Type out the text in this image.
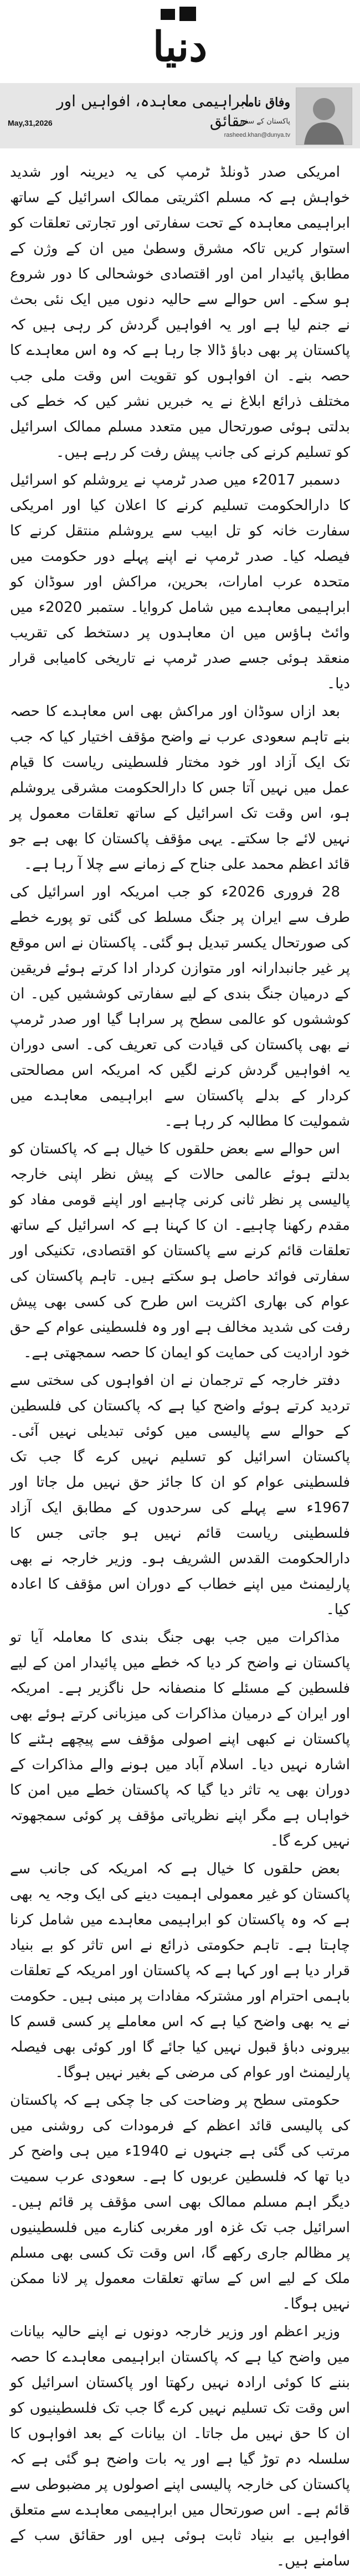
دنیا
ابراہیمی معاہدہ، افواہیں اور حقائق
May,31,2026
وفاق نامہ
پاکستان کے سفیر
rasheed.khan@dunya.tv

امریکی صدر ڈونلڈ ٹرمپ کی یہ دیرینہ اور شدید خواہش ہے کہ مسلم اکثریتی ممالک اسرائیل کے ساتھ ابراہیمی معاہدہ کے تحت سفارتی اور تجارتی تعلقات کو استوار کریں تاکہ مشرق وسطیٰ میں ان کے وژن کے مطابق پائیدار امن اور اقتصادی خوشحالی کا دور شروع ہو سکے۔ اس حوالے سے حالیہ دنوں میں ایک نئی بحث نے جنم لیا ہے اور یہ افواہیں گردش کر رہی ہیں کہ پاکستان پر بھی دباؤ ڈالا جا رہا ہے کہ وہ اس معاہدے کا حصہ بنے۔ ان افواہوں کو تقویت اس وقت ملی جب مختلف ذرائع ابلاغ نے یہ خبریں نشر کیں کہ خطے کی بدلتی ہوئی صورتحال میں متعدد مسلم ممالک اسرائیل کو تسلیم کرنے کی جانب پیش رفت کر رہے ہیں۔

دسمبر 2017ء میں صدر ٹرمپ نے یروشلم کو اسرائیل کا دارالحکومت تسلیم کرنے کا اعلان کیا اور امریکی سفارت خانہ کو تل ابیب سے یروشلم منتقل کرنے کا فیصلہ کیا۔ صدر ٹرمپ نے اپنے پہلے دور حکومت میں متحدہ عرب امارات، بحرین، مراکش اور سوڈان کو ابراہیمی معاہدے میں شامل کروایا۔ ستمبر 2020ء میں وائٹ ہاؤس میں ان معاہدوں پر دستخط کی تقریب منعقد ہوئی جسے صدر ٹرمپ نے تاریخی کامیابی قرار دیا۔

بعد ازاں سوڈان اور مراکش بھی اس معاہدے کا حصہ بنے تاہم سعودی عرب نے واضح مؤقف اختیار کیا کہ جب تک ایک آزاد اور خود مختار فلسطینی ریاست کا قیام عمل میں نہیں آتا جس کا دارالحکومت مشرقی یروشلم ہو، اس وقت تک اسرائیل کے ساتھ تعلقات معمول پر نہیں لائے جا سکتے۔ یہی مؤقف پاکستان کا بھی ہے جو قائد اعظم محمد علی جناح کے زمانے سے چلا آ رہا ہے۔

28 فروری 2026ء کو جب امریکہ اور اسرائیل کی طرف سے ایران پر جنگ مسلط کی گئی تو پورے خطے کی صورتحال یکسر تبدیل ہو گئی۔ پاکستان نے اس موقع پر غیر جانبدارانہ اور متوازن کردار ادا کرتے ہوئے فریقین کے درمیان جنگ بندی کے لیے سفارتی کوششیں کیں۔ ان کوششوں کو عالمی سطح پر سراہا گیا اور صدر ٹرمپ نے بھی پاکستان کی قیادت کی تعریف کی۔ اسی دوران یہ افواہیں گردش کرنے لگیں کہ امریکہ اس مصالحتی کردار کے بدلے پاکستان سے ابراہیمی معاہدے میں شمولیت کا مطالبہ کر رہا ہے۔

اس حوالے سے بعض حلقوں کا خیال ہے کہ پاکستان کو بدلتے ہوئے عالمی حالات کے پیش نظر اپنی خارجہ پالیسی پر نظر ثانی کرنی چاہیے اور اپنے قومی مفاد کو مقدم رکھنا چاہیے۔ ان کا کہنا ہے کہ اسرائیل کے ساتھ تعلقات قائم کرنے سے پاکستان کو اقتصادی، تکنیکی اور سفارتی فوائد حاصل ہو سکتے ہیں۔ تاہم پاکستان کی عوام کی بھاری اکثریت اس طرح کی کسی بھی پیش رفت کی شدید مخالف ہے اور وہ فلسطینی عوام کے حق خود ارادیت کی حمایت کو ایمان کا حصہ سمجھتی ہے۔

دفتر خارجہ کے ترجمان نے ان افواہوں کی سختی سے تردید کرتے ہوئے واضح کیا ہے کہ پاکستان کی فلسطین کے حوالے سے پالیسی میں کوئی تبدیلی نہیں آئی۔ پاکستان اسرائیل کو تسلیم نہیں کرے گا جب تک فلسطینی عوام کو ان کا جائز حق نہیں مل جاتا اور 1967ء سے پہلے کی سرحدوں کے مطابق ایک آزاد فلسطینی ریاست قائم نہیں ہو جاتی جس کا دارالحکومت القدس الشریف ہو۔ وزیر خارجہ نے بھی پارلیمنٹ میں اپنے خطاب کے دوران اس مؤقف کا اعادہ کیا۔

مذاکرات میں جب بھی جنگ بندی کا معاملہ آیا تو پاکستان نے واضح کر دیا کہ خطے میں پائیدار امن کے لیے فلسطین کے مسئلے کا منصفانہ حل ناگزیر ہے۔ امریکہ اور ایران کے درمیان مذاکرات کی میزبانی کرتے ہوئے بھی پاکستان نے کبھی اپنے اصولی مؤقف سے پیچھے ہٹنے کا اشارہ نہیں دیا۔ اسلام آباد میں ہونے والے مذاکرات کے دوران بھی یہ تاثر دیا گیا کہ پاکستان خطے میں امن کا خواہاں ہے مگر اپنے نظریاتی مؤقف پر کوئی سمجھوتہ نہیں کرے گا۔

بعض حلقوں کا خیال ہے کہ امریکہ کی جانب سے پاکستان کو غیر معمولی اہمیت دینے کی ایک وجہ یہ بھی ہے کہ وہ پاکستان کو ابراہیمی معاہدے میں شامل کرنا چاہتا ہے۔ تاہم حکومتی ذرائع نے اس تاثر کو بے بنیاد قرار دیا ہے اور کہا ہے کہ پاکستان اور امریکہ کے تعلقات باہمی احترام اور مشترکہ مفادات پر مبنی ہیں۔ حکومت نے یہ بھی واضح کیا ہے کہ اس معاملے پر کسی قسم کا بیرونی دباؤ قبول نہیں کیا جائے گا اور کوئی بھی فیصلہ پارلیمنٹ اور عوام کی مرضی کے بغیر نہیں ہوگا۔

حکومتی سطح پر وضاحت کی جا چکی ہے کہ پاکستان کی پالیسی قائد اعظم کے فرمودات کی روشنی میں مرتب کی گئی ہے جنہوں نے 1940ء میں ہی واضح کر دیا تھا کہ فلسطین عربوں کا ہے۔ سعودی عرب سمیت دیگر اہم مسلم ممالک بھی اسی مؤقف پر قائم ہیں۔ اسرائیل جب تک غزہ اور مغربی کنارے میں فلسطینیوں پر مظالم جاری رکھے گا، اس وقت تک کسی بھی مسلم ملک کے لیے اس کے ساتھ تعلقات معمول پر لانا ممکن نہیں ہوگا۔

وزیر اعظم اور وزیر خارجہ دونوں نے اپنے حالیہ بیانات میں واضح کیا ہے کہ پاکستان ابراہیمی معاہدے کا حصہ بننے کا کوئی ارادہ نہیں رکھتا اور پاکستان اسرائیل کو اس وقت تک تسلیم نہیں کرے گا جب تک فلسطینیوں کو ان کا حق نہیں مل جاتا۔ ان بیانات کے بعد افواہوں کا سلسلہ دم توڑ گیا ہے اور یہ بات واضح ہو گئی ہے کہ پاکستان کی خارجہ پالیسی اپنے اصولوں پر مضبوطی سے قائم ہے۔ اس صورتحال میں ابراہیمی معاہدے سے متعلق افواہیں بے بنیاد ثابت ہوئی ہیں اور حقائق سب کے سامنے ہیں۔
